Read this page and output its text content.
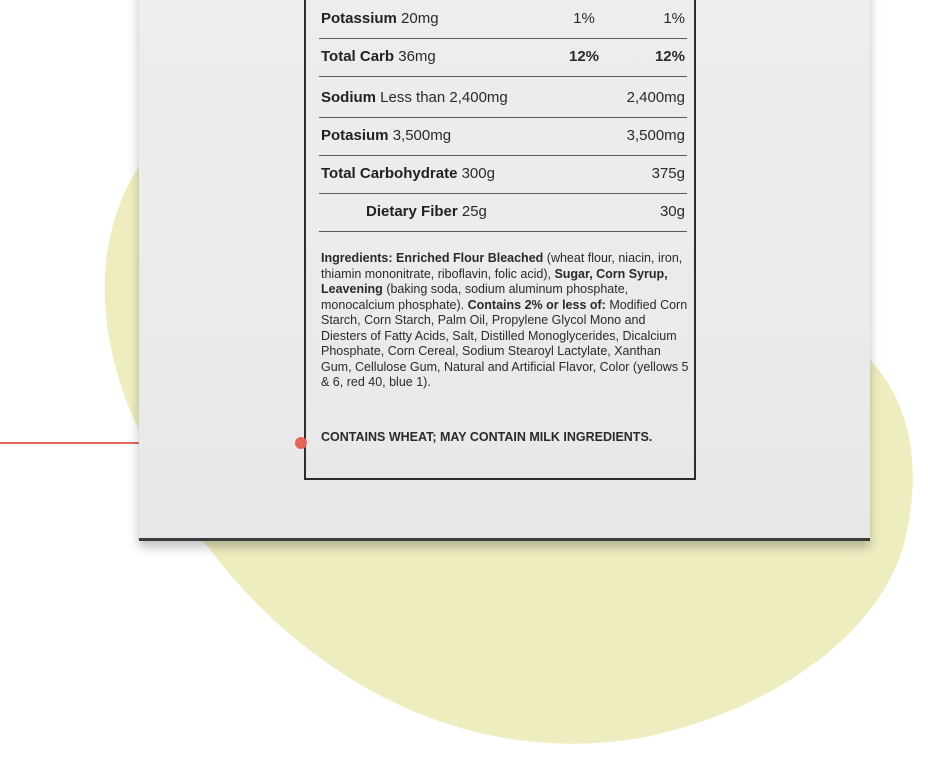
Potassium 20mg	1%	1%
Total Carb 36mg	12%	12%
Sodium Less than 2,400mg	2,400mg
Potasium 3,500mg	3,500mg
Total Carbohydrate 300g	375g
Dietary Fiber 25g	30g
Ingredients: Enriched Flour Bleached (wheat flour, niacin, iron, thiamin mononitrate, riboflavin, folic acid), Sugar, Corn Syrup, Leavening (baking soda, sodium aluminum phosphate, monocalcium phosphate). Contains 2% or less of: Modified Corn Starch, Corn Starch, Palm Oil, Propylene Glycol Mono and Diesters of Fatty Acids, Salt, Distilled Monoglycerides, Dicalcium Phosphate, Corn Cereal, Sodium Stearoyl Lactylate, Xanthan Gum, Cellulose Gum, Natural and Artificial Flavor, Color (yellows 5 & 6, red 40, blue 1).
CONTAINS WHEAT; MAY CONTAIN MILK INGREDIENTS.
